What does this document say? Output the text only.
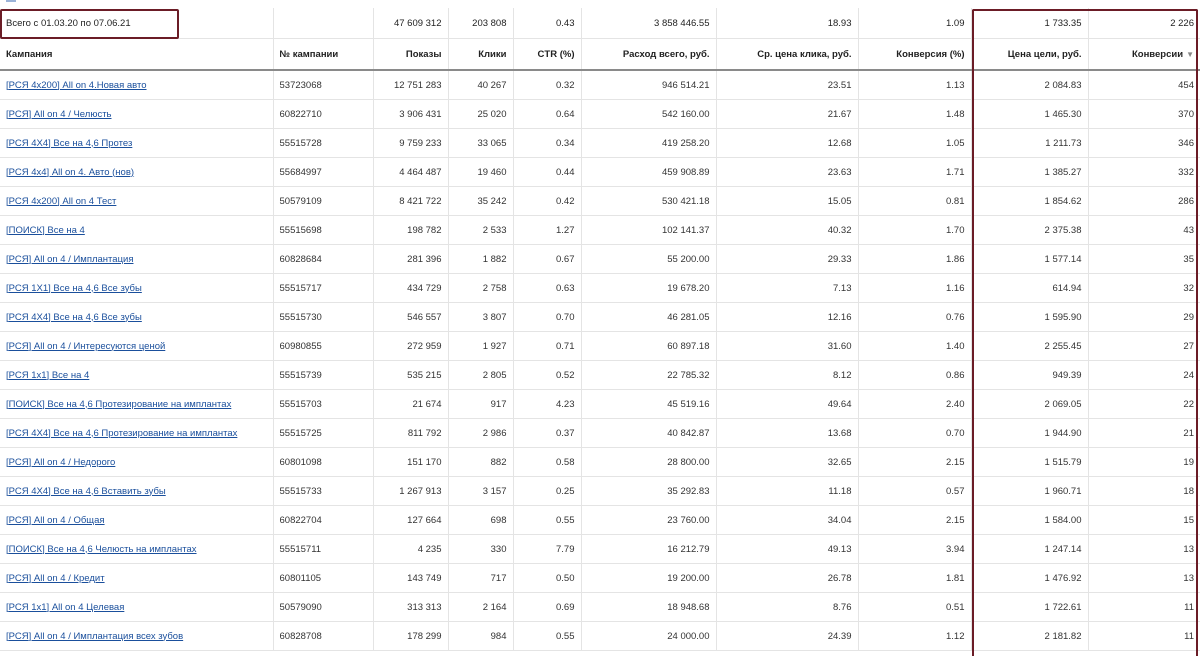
Всего с 01.03.20 по 07.06.21		47 609 312	203 808	0.43	3 858 446.55	18.93	1.09	1 733.35	2 226
Кампания	№ кампании	Показы	Клики	CTR (%)	Расход всего, руб.	Ср. цена клика, руб.	Конверсия (%)	Цена цели, руб.	Конверсии ▼
[РСЯ 4x200] All on 4.Новая авто	53723068	12 751 283	40 267	0.32	946 514.21	23.51	1.13	2 084.83	454
[РСЯ] All on 4 / Челюсть	60822710	3 906 431	25 020	0.64	542 160.00	21.67	1.48	1 465.30	370
[РСЯ 4X4] Все на 4,6 Протез	55515728	9 759 233	33 065	0.34	419 258.20	12.68	1.05	1 211.73	346
[РСЯ 4x4] All on 4. Авто (нов)	55684997	4 464 487	19 460	0.44	459 908.89	23.63	1.71	1 385.27	332
[РСЯ 4x200] All on 4 Тест	50579109	8 421 722	35 242	0.42	530 421.18	15.05	0.81	1 854.62	286
[ПОИСК] Все на 4	55515698	198 782	2 533	1.27	102 141.37	40.32	1.70	2 375.38	43
[РСЯ] All on 4 / Имплантация	60828684	281 396	1 882	0.67	55 200.00	29.33	1.86	1 577.14	35
[РСЯ 1X1] Все на 4,6 Все зубы	55515717	434 729	2 758	0.63	19 678.20	7.13	1.16	614.94	32
[РСЯ 4X4] Все на 4,6 Все зубы	55515730	546 557	3 807	0.70	46 281.05	12.16	0.76	1 595.90	29
[РСЯ] All on 4 / Интересуются ценой	60980855	272 959	1 927	0.71	60 897.18	31.60	1.40	2 255.45	27
[РСЯ 1x1] Все на 4	55515739	535 215	2 805	0.52	22 785.32	8.12	0.86	949.39	24
[ПОИСК] Все на 4,6 Протезирование на имплантах	55515703	21 674	917	4.23	45 519.16	49.64	2.40	2 069.05	22
[РСЯ 4X4] Все на 4,6 Протезирование на имплантах	55515725	811 792	2 986	0.37	40 842.87	13.68	0.70	1 944.90	21
[РСЯ] All on 4 / Недорого	60801098	151 170	882	0.58	28 800.00	32.65	2.15	1 515.79	19
[РСЯ 4X4] Все на 4,6 Вставить зубы	55515733	1 267 913	3 157	0.25	35 292.83	11.18	0.57	1 960.71	18
[РСЯ] All on 4 / Общая	60822704	127 664	698	0.55	23 760.00	34.04	2.15	1 584.00	15
[ПОИСК] Все на 4,6 Челюсть на имплантах	55515711	4 235	330	7.79	16 212.79	49.13	3.94	1 247.14	13
[РСЯ] All on 4 / Кредит	60801105	143 749	717	0.50	19 200.00	26.78	1.81	1 476.92	13
[РСЯ 1x1] All on 4 Целевая	50579090	313 313	2 164	0.69	18 948.68	8.76	0.51	1 722.61	11
[РСЯ] All on 4 / Имплантация всех зубов	60828708	178 299	984	0.55	24 000.00	24.39	1.12	2 181.82	11
